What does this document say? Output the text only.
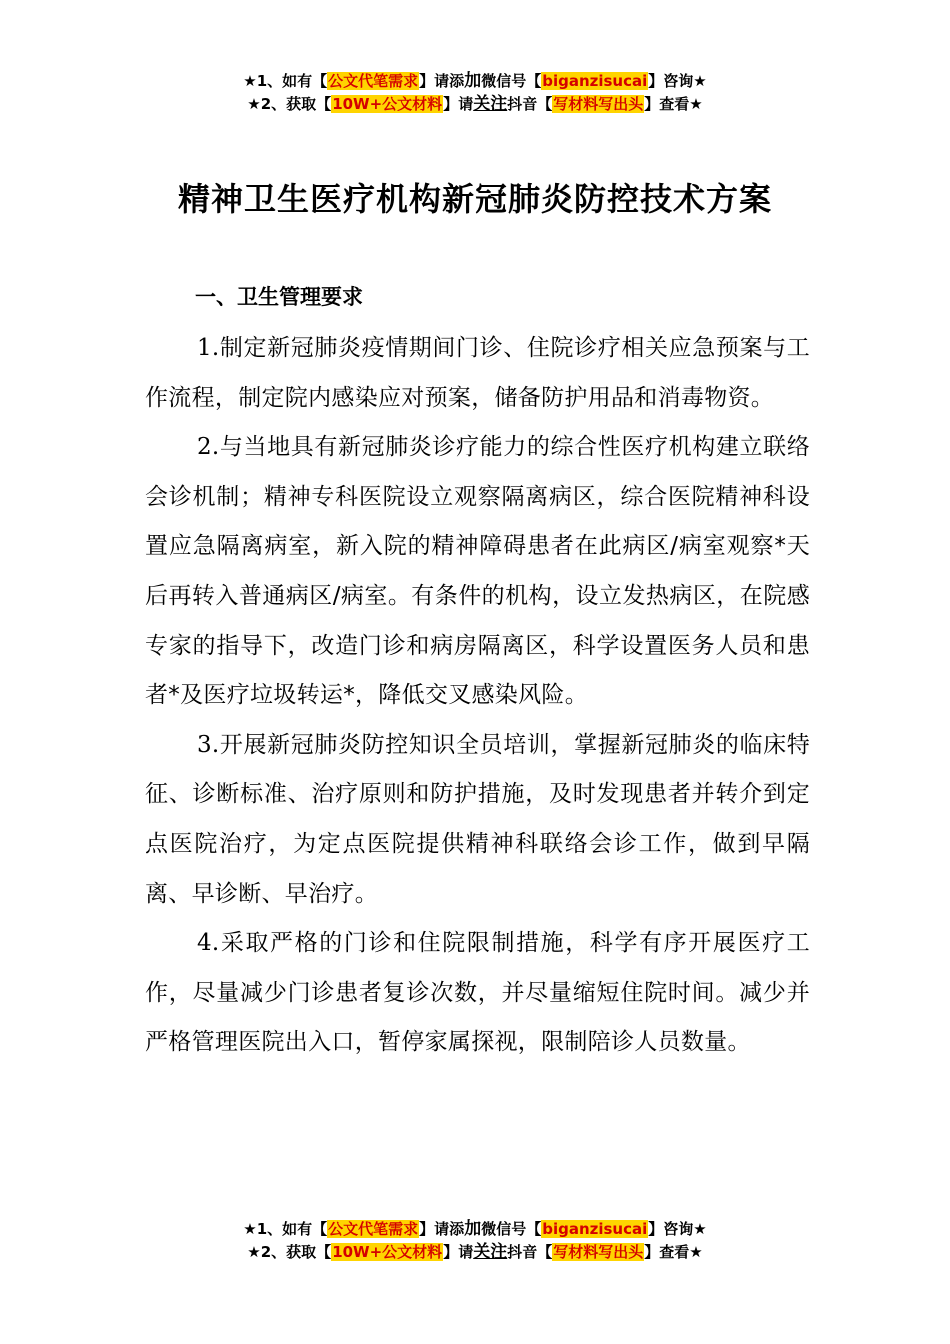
★1、如有【公文代笔需求】请添加微信号【biganzisucai】咨询★
★2、获取【10W+公文材料】请关注抖音【写材料写出头】查看★
精神卫生医疗机构新冠肺炎防控技术方案
一、卫生管理要求

1.制定新冠肺炎疫情期间门诊、住院诊疗相关应急预案与工作流程，制定院内感染应对预案，储备防护用品和消毒物资。

2.与当地具有新冠肺炎诊疗能力的综合性医疗机构建立联络会诊机制；精神专科医院设立观察隔离病区，综合医院精神科设置应急隔离病室，新入院的精神障碍患者在此病区/病室观察*天后再转入普通病区/病室。有条件的机构，设立发热病区，在院感专家的指导下，改造门诊和病房隔离区，科学设置医务人员和患者*及医疗垃圾转运*，降低交叉感染风险。

3.开展新冠肺炎防控知识全员培训，掌握新冠肺炎的临床特征、诊断标准、治疗原则和防护措施，及时发现患者并转介到定点医院治疗，为定点医院提供精神科联络会诊工作，做到早隔离、早诊断、早治疗。

4.采取严格的门诊和住院限制措施，科学有序开展医疗工作，尽量减少门诊患者复诊次数，并尽量缩短住院时间。减少并严格管理医院出入口，暂停家属探视，限制陪诊人员数量。

★1、如有【公文代笔需求】请添加微信号【biganzisucai】咨询★
★2、获取【10W+公文材料】请关注抖音【写材料写出头】查看★
